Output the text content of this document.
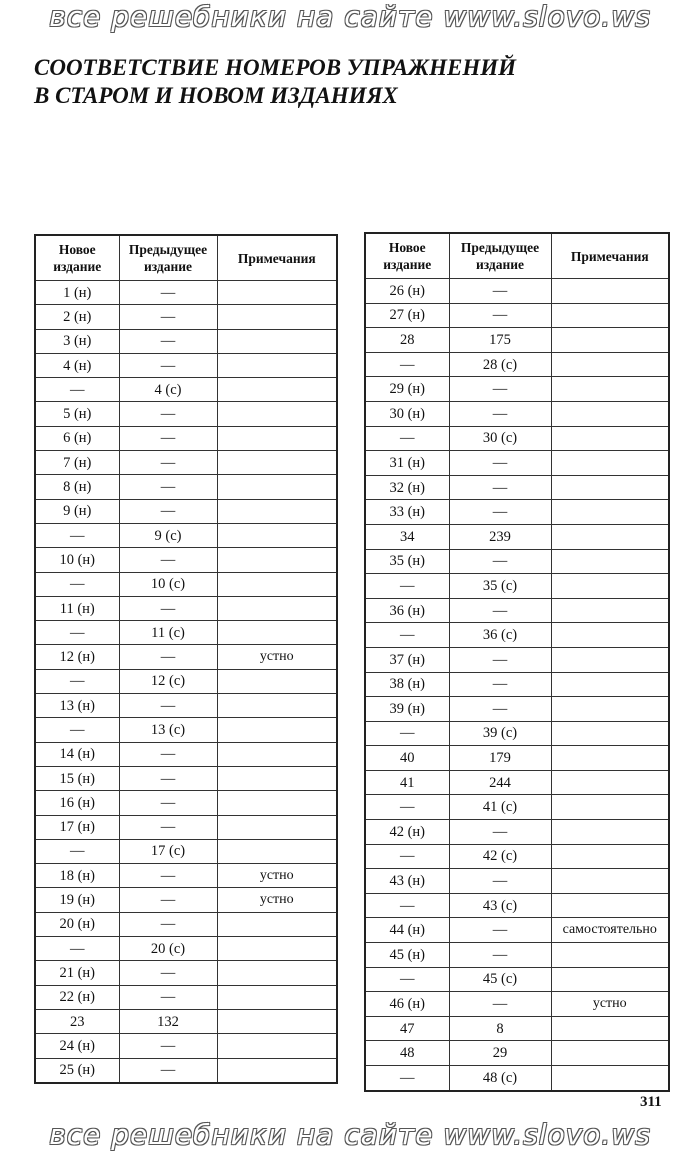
все решебники на сайте www.slovo.ws
СООТВЕТСТВИЕ НОМЕРОВ УПРАЖНЕНИЙ
В СТАРОМ И НОВОМ ИЗДАНИЯХ
Новое издание	Предыдущее издание	Примечания
1 (н)	—	
2 (н)	—	
3 (н)	—	
4 (н)	—	
—	4 (с)	
5 (н)	—	
6 (н)	—	
7 (н)	—	
8 (н)	—	
9 (н)	—	
—	9 (с)	
10 (н)	—	
—	10 (с)	
11 (н)	—	
—	11 (с)	
12 (н)	—	устно
—	12 (с)	
13 (н)	—	
—	13 (с)	
14 (н)	—	
15 (н)	—	
16 (н)	—	
17 (н)	—	
—	17 (с)	
18 (н)	—	устно
19 (н)	—	устно
20 (н)	—	
—	20 (с)	
21 (н)	—	
22 (н)	—	
23	132	
24 (н)	—	
25 (н)	—	
Новое издание	Предыдущее издание	Примечания
26 (н)	—	
27 (н)	—	
28	175	
—	28 (с)	
29 (н)	—	
30 (н)	—	
—	30 (с)	
31 (н)	—	
32 (н)	—	
33 (н)	—	
34	239	
35 (н)	—	
—	35 (с)	
36 (н)	—	
—	36 (с)	
37 (н)	—	
38 (н)	—	
39 (н)	—	
—	39 (с)	
40	179	
41	244	
—	41 (с)	
42 (н)	—	
—	42 (с)	
43 (н)	—	
—	43 (с)	
44 (н)	—	самостоятельно
45 (н)	—	
—	45 (с)	
46 (н)	—	устно
47	8	
48	29	
—	48 (с)	
311
все решебники на сайте www.slovo.ws
